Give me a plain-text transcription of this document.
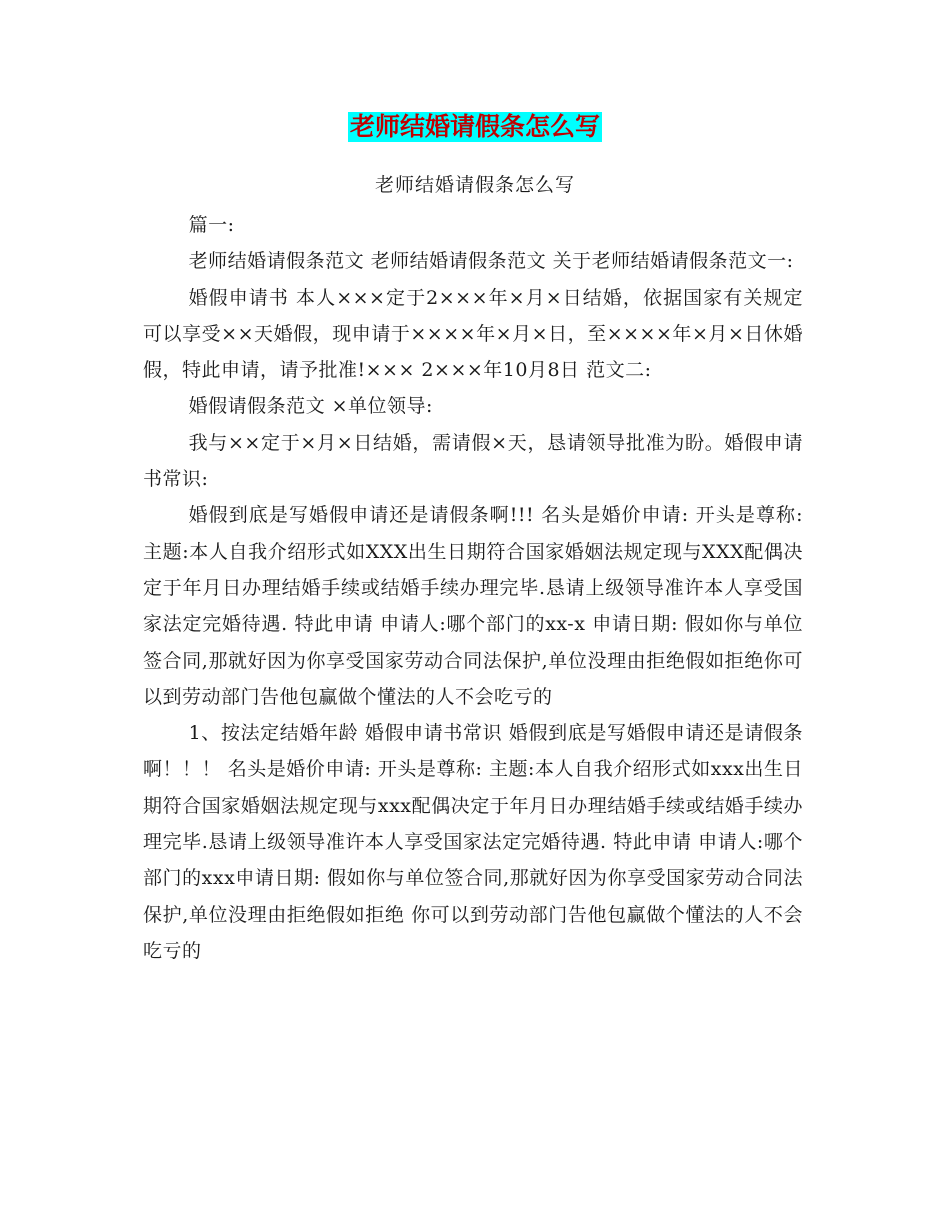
老师结婚请假条怎么写
老师结婚请假条怎么写

篇一:

老师结婚请假条范文 老师结婚请假条范文 关于老师结婚请假条范文一:

婚假申请书 本人×××定于2×××年×月×日结婚，依据国家有关规定可以享受××天婚假，现申请于××××年×月×日，至××××年×月×日休婚假，特此申请，请予批准!××× 2×××年10月8日 范文二:

婚假请假条范文 ×单位领导:

我与××定于×月×日结婚，需请假×天，恳请领导批准为盼。婚假申请书常识:

婚假到底是写婚假申请还是请假条啊!!! 名头是婚价申请: 开头是尊称: 主题:本人自我介绍形式如XXX出生日期符合国家婚姻法规定现与XXX配偶决定于年月日办理结婚手续或结婚手续办理完毕.恳请上级领导准许本人享受国家法定完婚待遇. 特此申请 申请人:哪个部门的xx-x 申请日期: 假如你与单位签合同,那就好因为你享受国家劳动合同法保护,单位没理由拒绝假如拒绝你可以到劳动部门告他包赢做个懂法的人不会吃亏的

1、按法定结婚年龄 婚假申请书常识 婚假到底是写婚假申请还是请假条啊！！！ 名头是婚价申请: 开头是尊称: 主题:本人自我介绍形式如xxx出生日期符合国家婚姻法规定现与xxx配偶决定于年月日办理结婚手续或结婚手续办理完毕.恳请上级领导准许本人享受国家法定完婚待遇. 特此申请 申请人:哪个部门的xxx申请日期: 假如你与单位签合同,那就好因为你享受国家劳动合同法保护,单位没理由拒绝假如拒绝 你可以到劳动部门告他包赢做个懂法的人不会吃亏的
